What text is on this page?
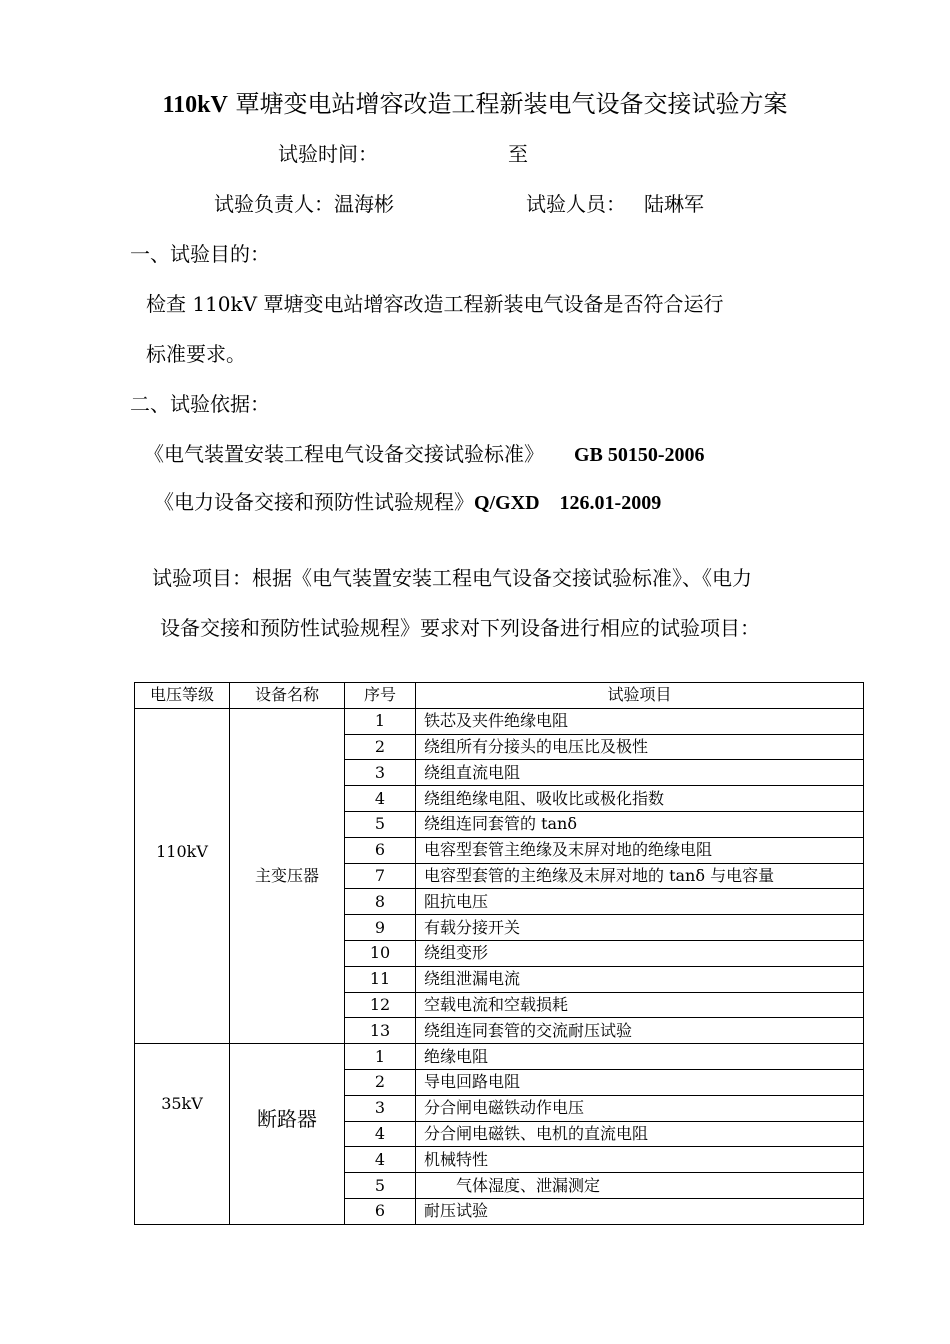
110kV 覃塘变电站增容改造工程新装电气设备交接试验方案
试验时间：	至
试验负责人：温海彬	试验人员： 陆琳军
一、试验目的：
检查 110kV 覃塘变电站增容改造工程新装电气设备是否符合运行
标准要求。
二、试验依据：
《电气装置安装工程电气设备交接试验标准》 GB 50150-2006
《电力设备交接和预防性试验规程》Q/GXD　126.01-2009
试验项目：根据《电气装置安装工程电气设备交接试验标准》、《电力
设备交接和预防性试验规程》要求对下列设备进行相应的试验项目：
电压等级	设备名称	序号	试验项目
110kV	主变压器	1	铁芯及夹件绝缘电阻
		2	绕组所有分接头的电压比及极性
		3	绕组直流电阻
		4	绕组绝缘电阻、吸收比或极化指数
		5	绕组连同套管的 tanδ
		6	电容型套管主绝缘及末屏对地的绝缘电阻
		7	电容型套管的主绝缘及末屏对地的 tanδ 与电容量
		8	阻抗电压
		9	有载分接开关
		10	绕组变形
		11	绕组泄漏电流
		12	空载电流和空载损耗
		13	绕组连同套管的交流耐压试验
35kV	断路器	1	绝缘电阻
		2	导电回路电阻
		3	分合闸电磁铁动作电压
		4	分合闸电磁铁、电机的直流电阻
		4	机械特性
		5	气体湿度、泄漏测定
		6	耐压试验
